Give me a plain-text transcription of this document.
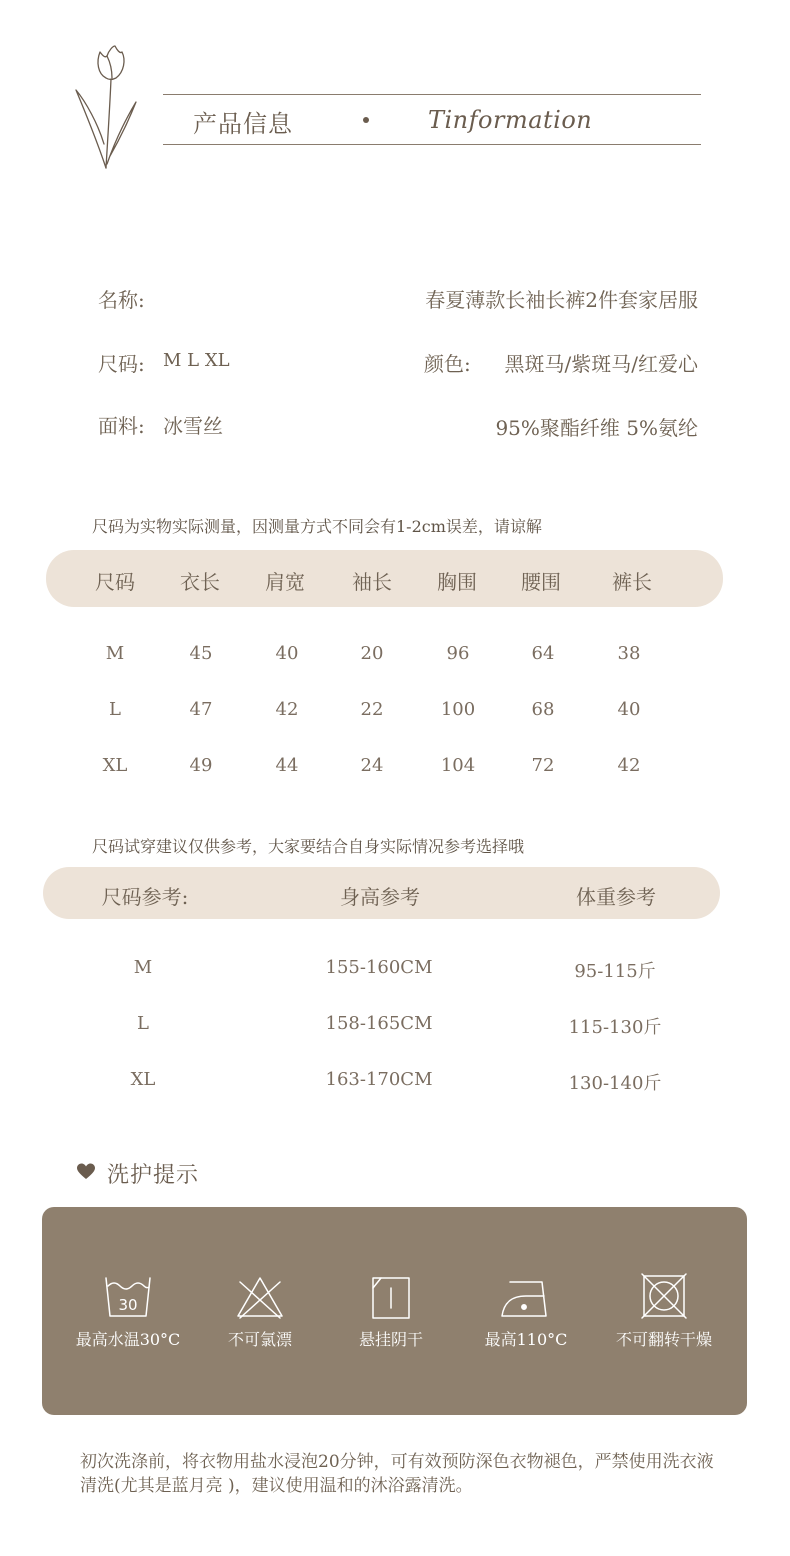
产品信息	Tinformation
名称:	春夏薄款长袖长裤2件套家居服
尺码: M L XL	颜色: 黑斑马/紫斑马/红爱心
面料: 冰雪丝	95%聚酯纤维 5%氨纶
尺码为实物实际测量，因测量方式不同会有1-2cm误差，请谅解
尺码 衣长 肩宽 袖长 胸围 腰围	裤长
M	45	40	20	96	64	38
L	47	42	22	100	68	40
XL	49	44	24	104	72	42
尺码试穿建议仅供参考，大家要结合自身实际情况参考选择哦
尺码参考:	身高参考	体重参考
M	155-160CM	95-115斤
L	158-165CM	115-130斤
XL	163-170CM	130-140斤
洗护提示
30
最高水温30°C	不可氯漂	悬挂阴干	最高110°C	不可翻转干燥
初次洗涤前，将衣物用盐水浸泡20分钟，可有效预防深色衣物褪色，严禁使用洗衣液清洗(尤其是蓝月亮 )，建议使用温和的沐浴露清洗。
